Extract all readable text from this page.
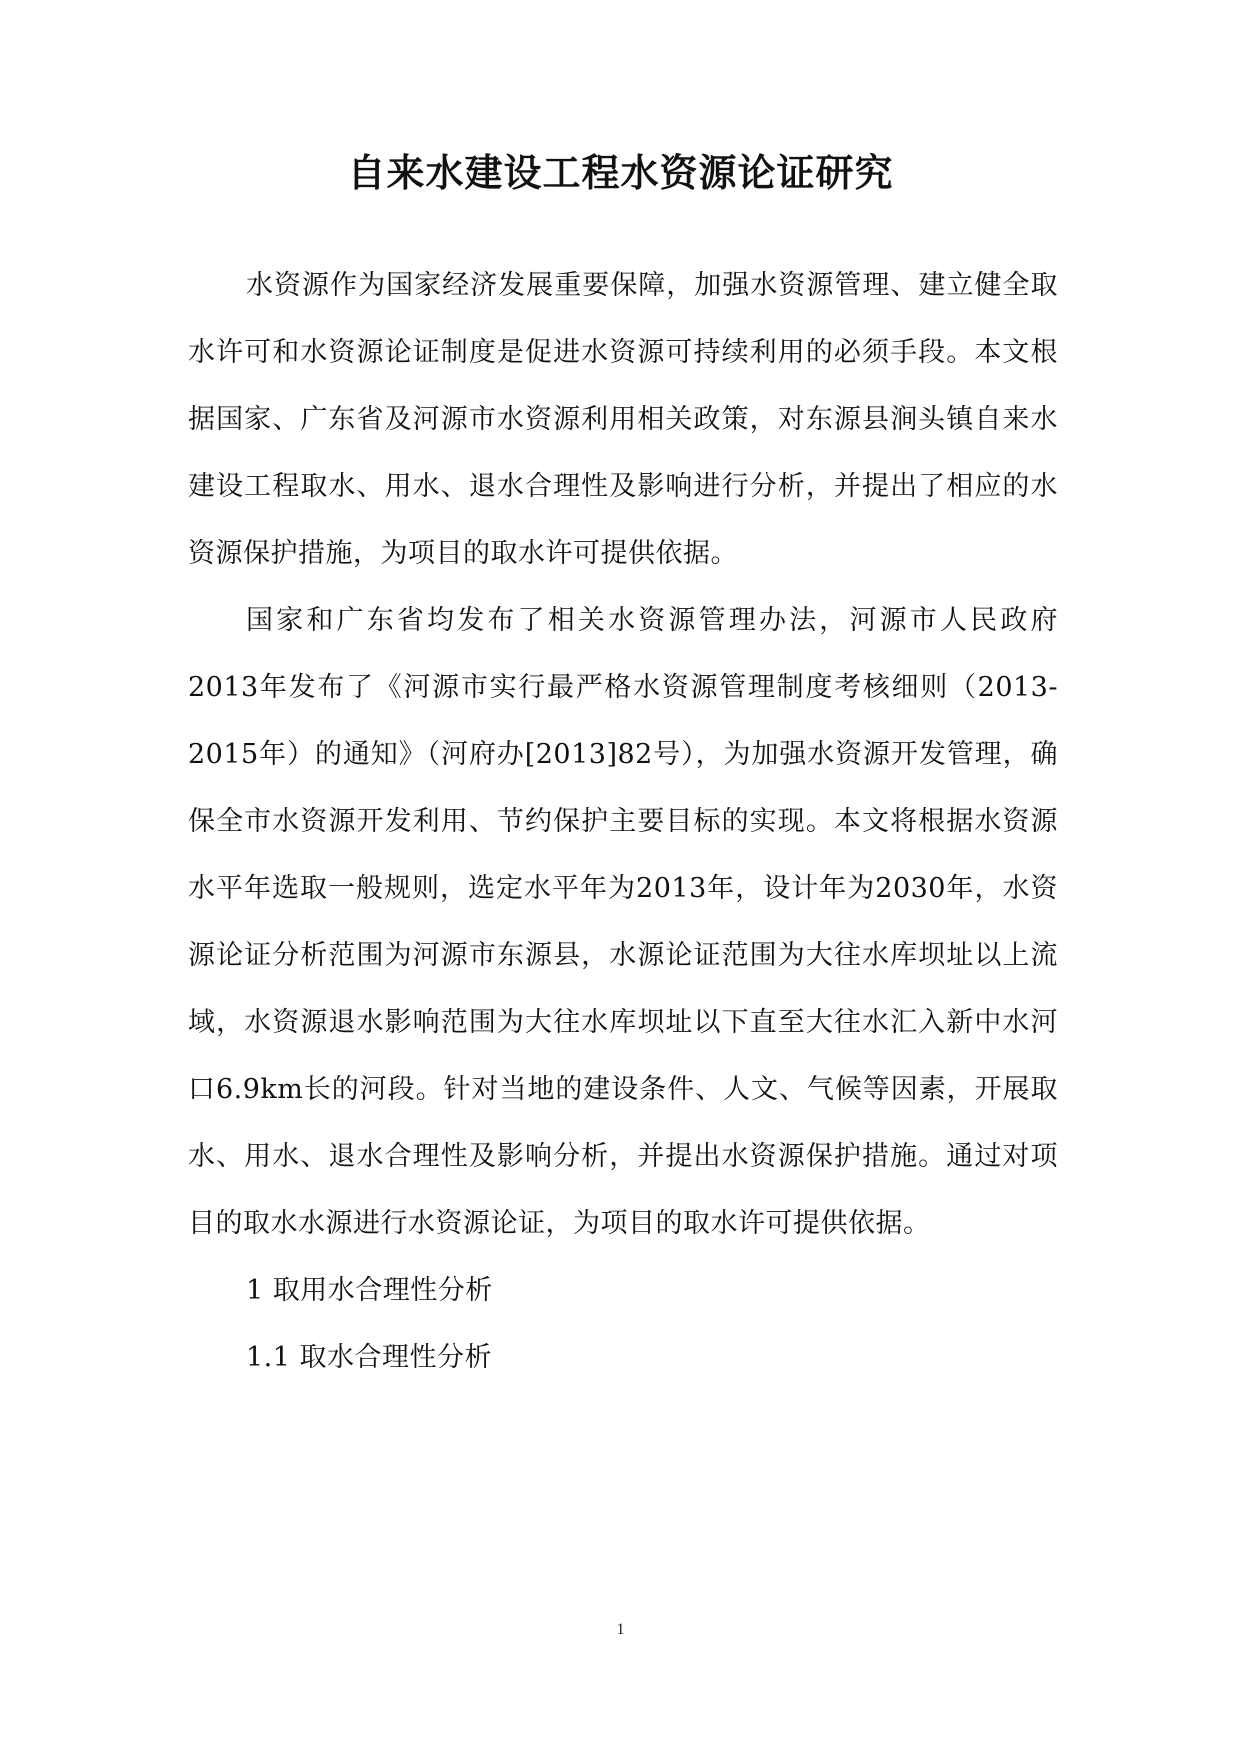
自来水建设工程水资源论证研究

水资源作为国家经济发展重要保障，加强水资源管理、建立健全取水许可和水资源论证制度是促进水资源可持续利用的必须手段。本文根据国家、广东省及河源市水资源利用相关政策，对东源县涧头镇自来水建设工程取水、用水、退水合理性及影响进行分析，并提出了相应的水资源保护措施，为项目的取水许可提供依据。

国家和广东省均发布了相关水资源管理办法，河源市人民政府2013年发布了《河源市实行最严格水资源管理制度考核细则（2013-2015年）的通知》（河府办[2013]82号），为加强水资源开发管理，确保全市水资源开发利用、节约保护主要目标的实现。本文将根据水资源水平年选取一般规则，选定水平年为2013年，设计年为2030年，水资源论证分析范围为河源市东源县，水源论证范围为大往水库坝址以上流域，水资源退水影响范围为大往水库坝址以下直至大往水汇入新中水河口6.9km长的河段。针对当地的建设条件、人文、气候等因素，开展取水、用水、退水合理性及影响分析，并提出水资源保护措施。通过对项目的取水水源进行水资源论证，为项目的取水许可提供依据。

1 取用水合理性分析

1.1 取水合理性分析

1
